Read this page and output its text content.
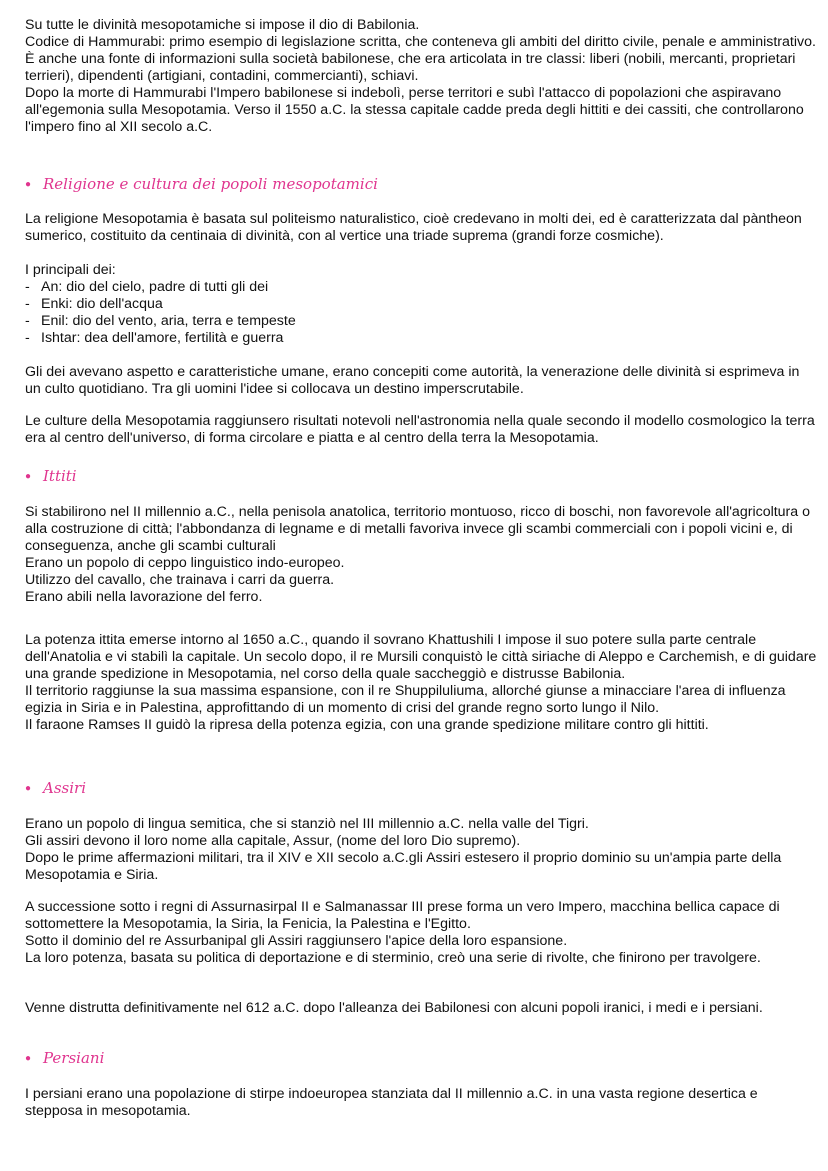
Su tutte le divinità mesopotamiche si impose il dio di Babilonia.

Codice di Hammurabi: primo esempio di legislazione scritta, che conteneva gli ambiti del diritto civile, penale e amministrativo.

È anche una fonte di informazioni sulla società babilonese, che era articolata in tre classi: liberi (nobili, mercanti, proprietari terrieri), dipendenti (artigiani, contadini, commercianti), schiavi.

Dopo la morte di Hammurabi l'Impero babilonese si indebolì, perse territori e subì l'attacco di popolazioni che aspiravano all'egemonia sulla Mesopotamia. Verso il 1550 a.C. la stessa capitale cadde preda degli hittiti e dei cassiti, che controllarono l'impero fino al XII secolo a.C.

● Religione e cultura dei popoli mesopotamici

La religione Mesopotamia è basata sul politeismo naturalistico, cioè credevano in molti dei, ed è caratterizzata dal pàntheon sumerico, costituito da centinaia di divinità, con al vertice una triade suprema (grandi forze cosmiche).

I principali dei:

- An: dio del cielo, padre di tutti gli dei
- Enki: dio dell'acqua
- Enil: dio del vento, aria, terra e tempeste
- Ishtar: dea dell'amore, fertilità e guerra

Gli dei avevano aspetto e caratteristiche umane, erano concepiti come autorità, la venerazione delle divinità si esprimeva in un culto quotidiano. Tra gli uomini l'idee si collocava un destino imperscrutabile.

Le culture della Mesopotamia raggiunsero risultati notevoli nell'astronomia nella quale secondo il modello cosmologico la terra era al centro dell'universo, di forma circolare e piatta e al centro della terra la Mesopotamia.

● Ittiti

Si stabilirono nel II millennio a.C., nella penisola anatolica, territorio montuoso, ricco di boschi, non favorevole all'agricoltura o alla costruzione di città; l'abbondanza di legname e di metalli favoriva invece gli scambi commerciali con i popoli vicini e, di conseguenza, anche gli scambi culturali

Erano un popolo di ceppo linguistico indo-europeo.

Utilizzo del cavallo, che trainava i carri da guerra.

Erano abili nella lavorazione del ferro.

La potenza ittita emerse intorno al 1650 a.C., quando il sovrano Khattushili I impose il suo potere sulla parte centrale dell'Anatolia e vi stabilì la capitale. Un secolo dopo, il re Mursili conquistò le città siriache di Aleppo e Carchemish, e di guidare una grande spedizione in Mesopotamia, nel corso della quale saccheggiò e distrusse Babilonia.

Il territorio raggiunse la sua massima espansione, con il re Shuppiluliuma, allorché giunse a minacciare l'area di influenza egizia in Siria e in Palestina, approfittando di un momento di crisi del grande regno sorto lungo il Nilo.

Il faraone Ramses II guidò la ripresa della potenza egizia, con una grande spedizione militare contro gli hittiti.

● Assiri

Erano un popolo di lingua semitica, che si stanziò nel III millennio a.C. nella valle del Tigri.

Gli assiri devono il loro nome alla capitale, Assur, (nome del loro Dio supremo).

Dopo le prime affermazioni militari, tra il XIV e XII secolo a.C.gli Assiri estesero il proprio dominio su un'ampia parte della Mesopotamia e Siria.

A successione sotto i regni di Assurnasirpal II e Salmanassar III prese forma un vero Impero, macchina bellica capace di sottomettere la Mesopotamia, la Siria, la Fenicia, la Palestina e l'Egitto.

Sotto il dominio del re Assurbanipal gli Assiri raggiunsero l'apice della loro espansione.

La loro potenza, basata su politica di deportazione e di sterminio, creò una serie di rivolte, che finirono per travolgere.

Venne distrutta definitivamente nel 612 a.C. dopo l'alleanza dei Babilonesi con alcuni popoli iranici, i medi e i persiani.

● Persiani

I persiani erano una popolazione di stirpe indoeuropea stanziata dal II millennio a.C. in una vasta regione desertica e stepposa in mesopotamia.
